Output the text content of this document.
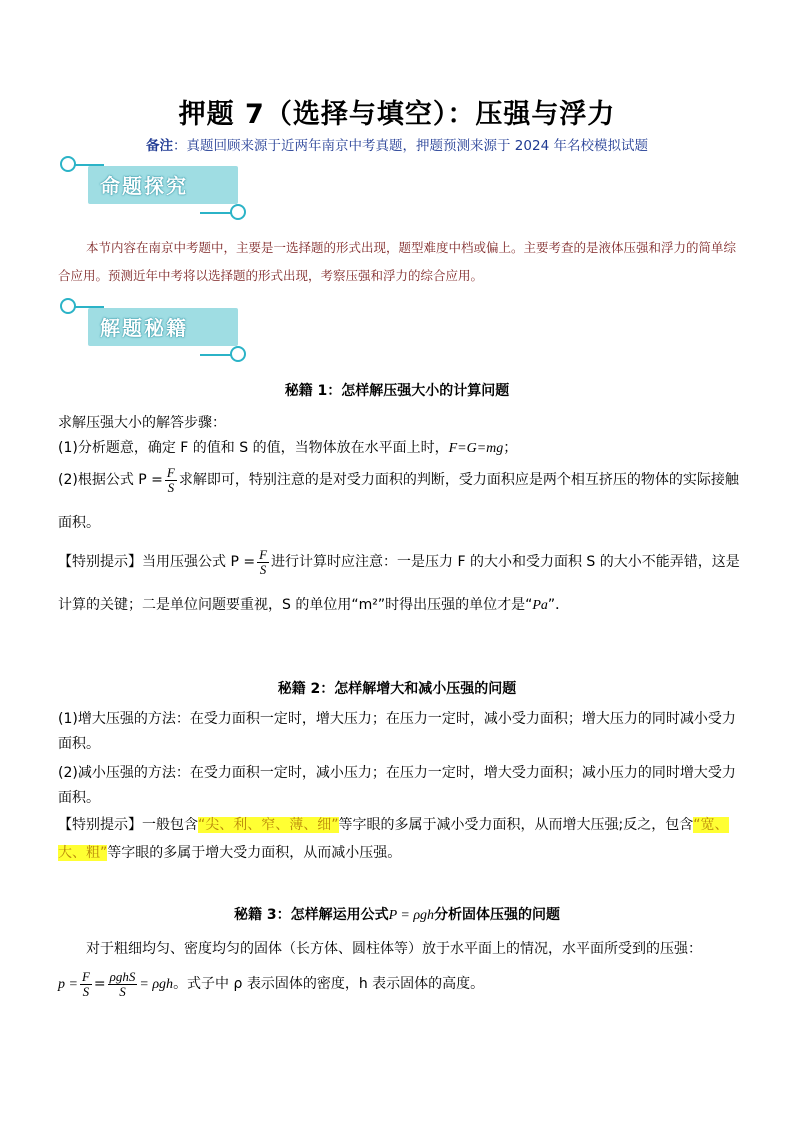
押题 7（选择与填空）：压强与浮力
备注：真题回顾来源于近两年南京中考真题，押题预测来源于 2024 年名校模拟试题
命题探究
本节内容在南京中考题中，主要是一选择题的形式出现，题型难度中档或偏上。主要考查的是液体压强和浮力的简单综合应用。预测近年中考将以选择题的形式出现，考察压强和浮力的综合应用。
解题秘籍
秘籍 1：怎样解压强大小的计算问题
求解压强大小的解答步骤：
(1)分析题意，确定 F 的值和 S 的值，当物体放在水平面上时，F=G=mg；
(2)根据公式 $P = \frac{F}{S}$ 求解即可，特别注意的是对受力面积的判断，受力面积应是两个相互挤压的物体的实际接触
面积。
【特别提示】当用压强公式 $P = \frac{F}{S}$ 进行计算时应注意：一是压力 F 的大小和受力面积 S 的大小不能弄错，这是
计算的关键；二是单位问题要重视，S 的单位用“m²”时得出压强的单位才是“Pa”．
秘籍 2：怎样解增大和减小压强的问题
(1)增大压强的方法：在受力面积一定时，增大压力；在压力一定时，减小受力面积；增大压力的同时减小受力
面积。
(2)减小压强的方法：在受力面积一定时，减小压力；在压力一定时，增大受力面积；减小压力的同时增大受力
面积。
【特别提示】一般包含“尖、利、窄、薄、细”等字眼的多属于减小受力面积，从而增大压强;反之，包含“宽、
大、粗”等字眼的多属于增大受力面积，从而减小压强。
秘籍 3：怎样解运用公式P = ρgh分析固体压强的问题
对于粗细均匀、密度均匀的固体（长方体、圆柱体等）放于水平面上的情况，水平面所受到的压强：
$p = \frac{F}{S} = \frac{\text{ρghS}}{S} = \rho gh$。式子中 ρ 表示固体的密度，h 表示固体的高度。
